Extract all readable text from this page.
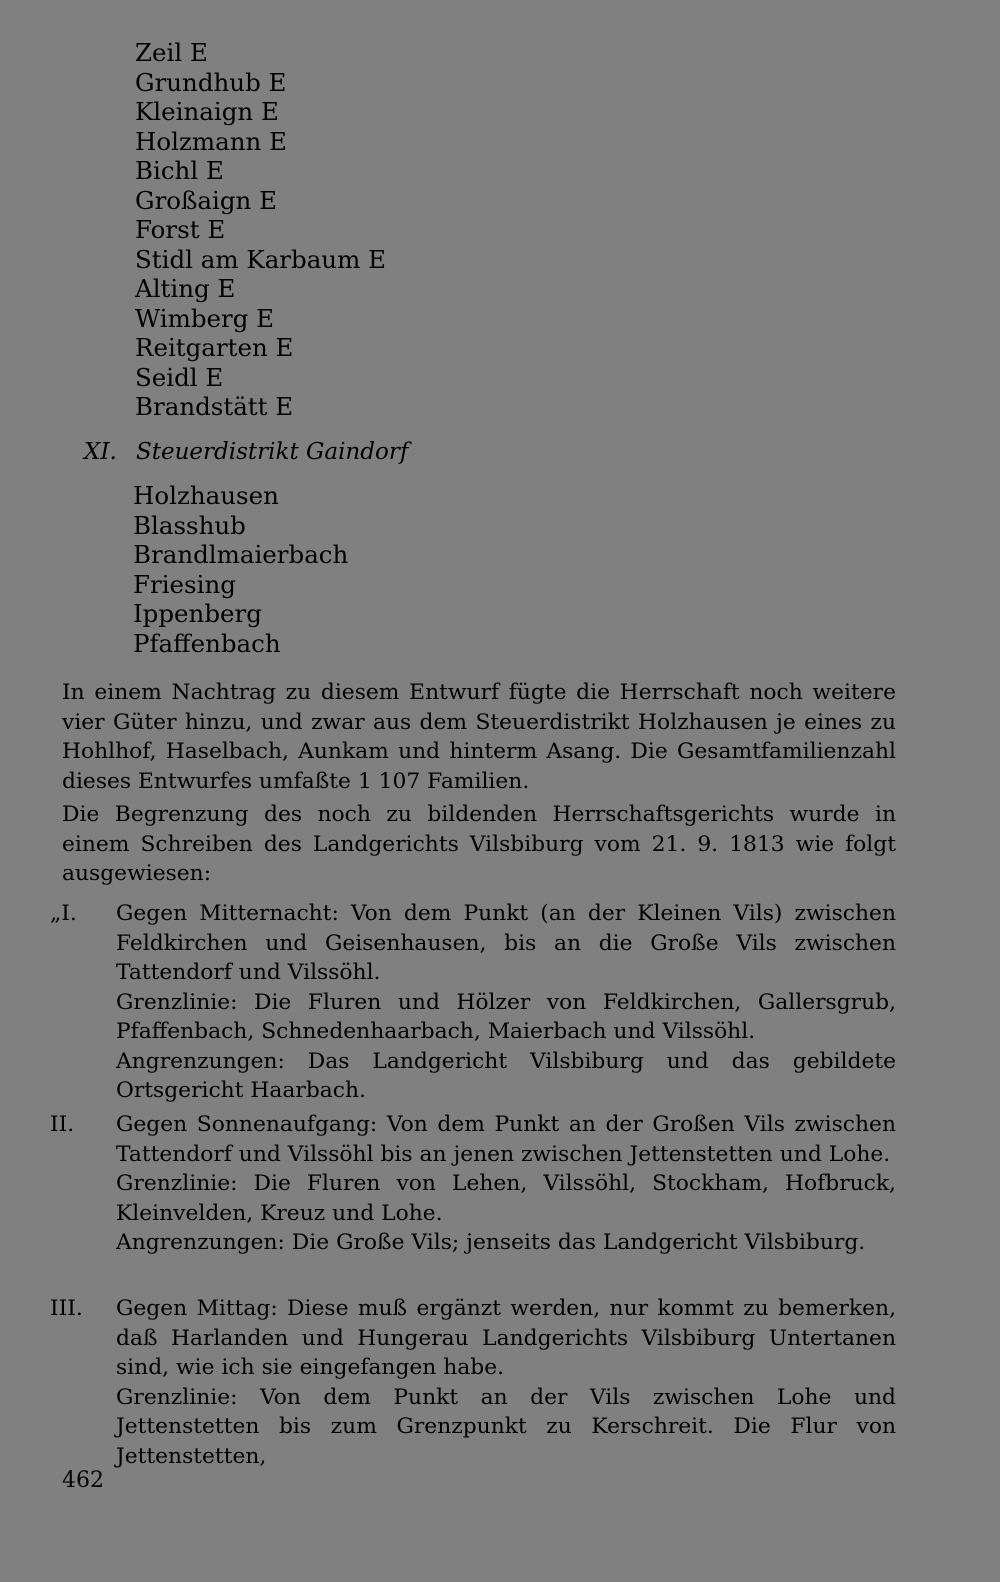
Zeil E
Grundhub E
Kleinaign E
Holzmann E
Bichl E
Großaign E
Forst E
Stidl am Karbaum E
Alting E
Wimberg E
Reitgarten E
Seidl E
Brandstätt E
XI. Steuerdistrikt Gaindorf
Holzhausen
Blasshub
Brandlmaierbach
Friesing
Ippenberg
Pfaffenbach

In einem Nachtrag zu diesem Entwurf fügte die Herrschaft noch weitere vier Güter hinzu, und zwar aus dem Steuerdistrikt Holzhausen je eines zu Hohlhof, Haselbach, Aunkam und hinterm Asang. Die Gesamtfamilienzahl dieses Entwurfes umfaßte 1 107 Familien.

Die Begrenzung des noch zu bildenden Herrschaftsgerichts wurde in einem Schreiben des Landgerichts Vilsbiburg vom 21. 9. 1813 wie folgt ausgewiesen:

„I.	Gegen Mitternacht: Von dem Punkt (an der Kleinen Vils) zwischen Feldkirchen und Geisenhausen, bis an die Große Vils zwischen Tattendorf und Vilssöhl.

Grenzlinie: Die Fluren und Hölzer von Feldkirchen, Gallersgrub, Pfaffenbach, Schnedenhaarbach, Maierbach und Vilssöhl.

Angrenzungen: Das Landgericht Vilsbiburg und das gebildete Ortsgericht Haarbach.

II.	Gegen Sonnenaufgang: Von dem Punkt an der Großen Vils zwischen Tattendorf und Vilssöhl bis an jenen zwischen Jettenstetten und Lohe.

Grenzlinie: Die Fluren von Lehen, Vilssöhl, Stockham, Hofbruck, Kleinvelden, Kreuz und Lohe.

Angrenzungen: Die Große Vils; jenseits das Landgericht Vilsbiburg.

III.	Gegen Mittag: Diese muß ergänzt werden, nur kommt zu bemerken, daß Harlanden und Hungerau Landgerichts Vilsbiburg Untertanen sind, wie ich sie eingefangen habe.

Grenzlinie: Von dem Punkt an der Vils zwischen Lohe und Jettenstetten bis zum Grenzpunkt zu Kerschreit. Die Flur von Jettenstetten,

462
